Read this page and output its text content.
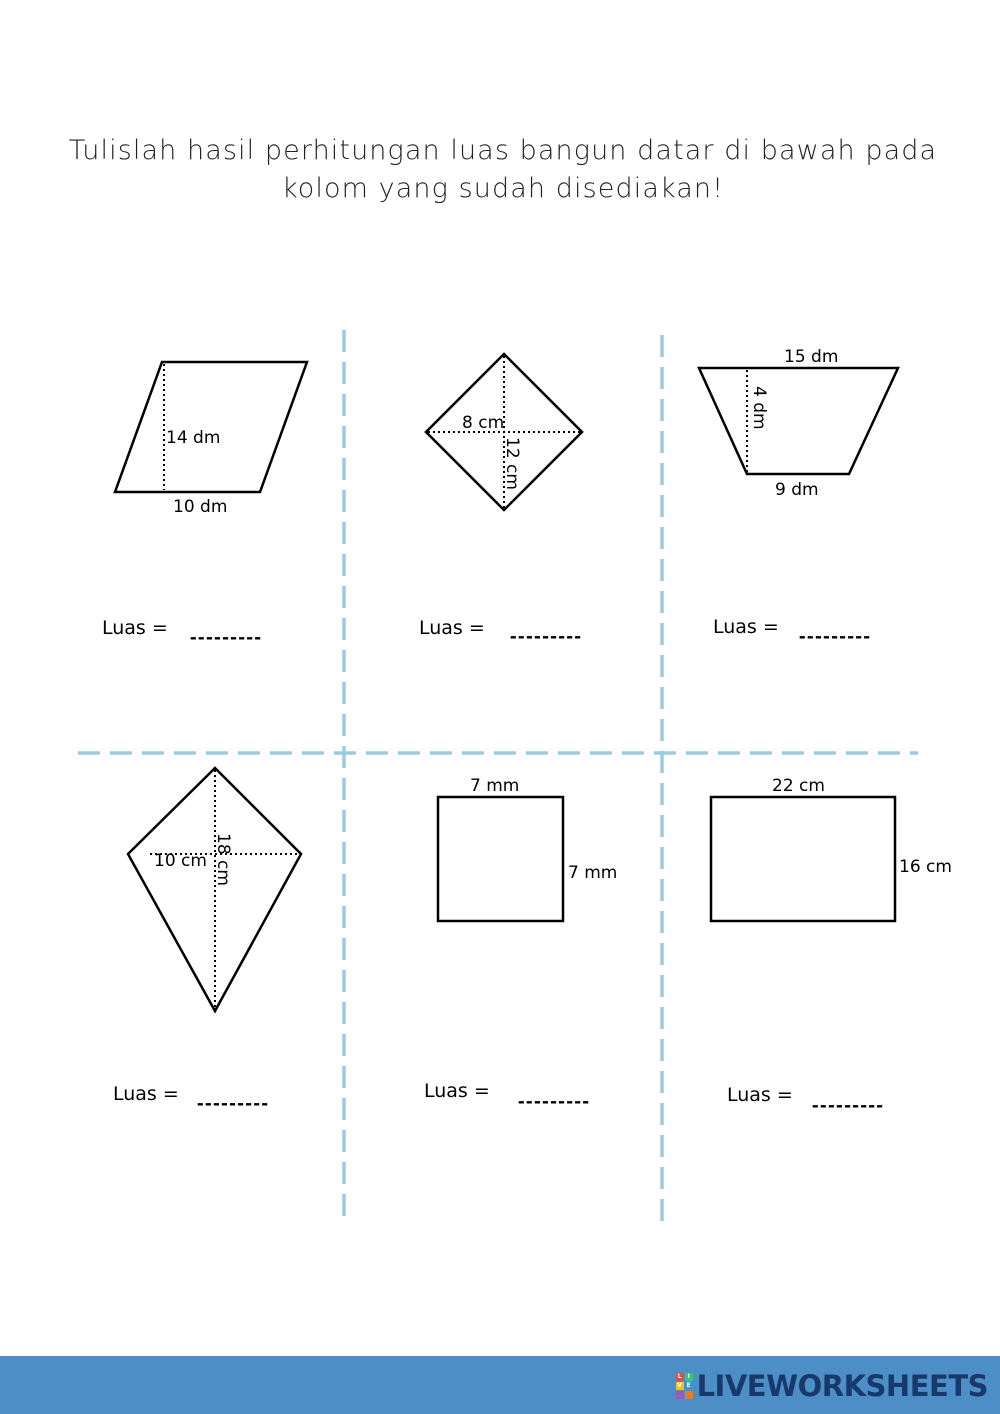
Tulislah hasil perhitungan luas bangun datar di bawah pada
kolom yang sudah disediakan!
14 dm
10 dm
8 cm
12 cm
15 dm
4 dm
9 dm
10 cm 18 cm
7 mm
7 mm
22 cm
16 cm
Luas =	Luas =	Luas =
Luas =	Luas =	Luas =
---------
---------
---------
---------
---------
---------
L I
V E LIVEWORKSHEETS
